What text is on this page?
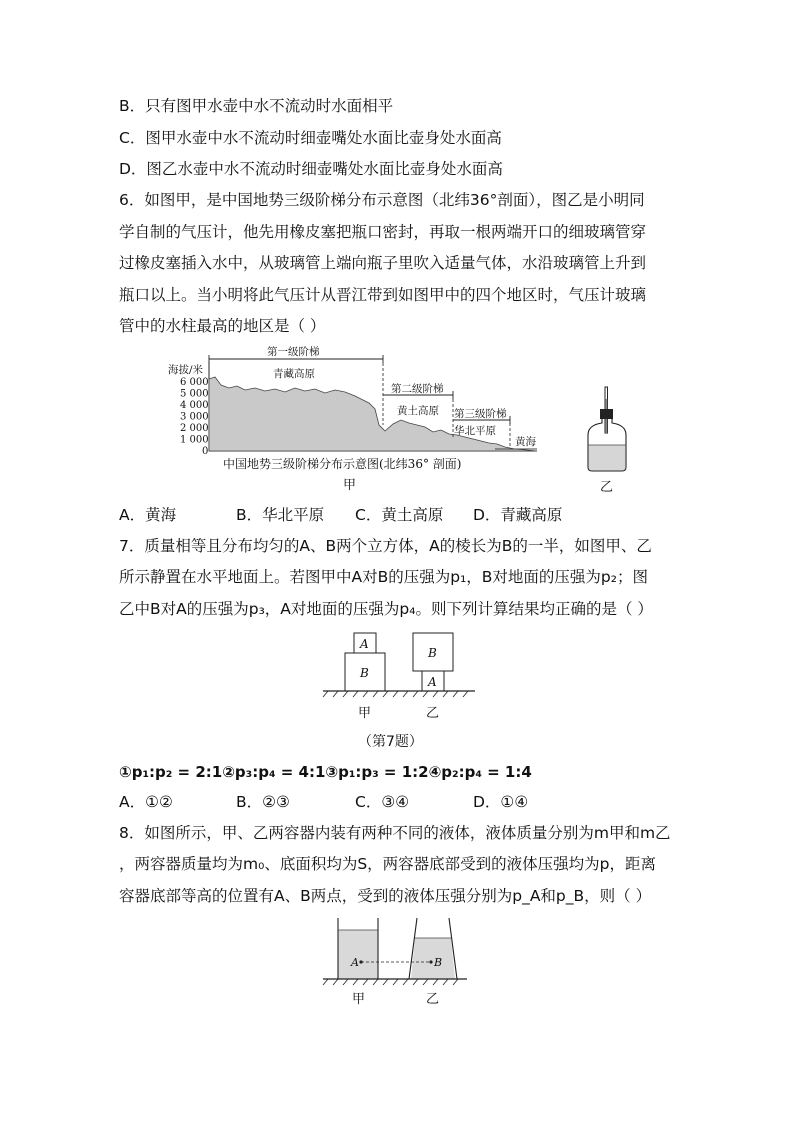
B．只有图甲水壶中水不流动时水面相平
C．图甲水壶中水不流动时细壶嘴处水面比壶身处水面高
D．图乙水壶中水不流动时细壶嘴处水面比壶身处水面高
6．如图甲，是中国地势三级阶梯分布示意图（北纬36°剖面），图乙是小明同
学自制的气压计，他先用橡皮塞把瓶口密封，再取一根两端开口的细玻璃管穿
过橡皮塞插入水中，从玻璃管上端向瓶子里吹入适量气体，水沿玻璃管上升到
瓶口以上。当小明将此气压计从晋江带到如图甲中的四个地区时，气压计玻璃
管中的水柱最高的地区是（ ）
海拔/米
6 000
5 000
4 000
3 000
2 000
1 000
0
第一级阶梯
第二级阶梯
第三级阶梯
青藏高原
黄土高原
华北平原
黄海
中国地势三级阶梯分布示意图(北纬36° 剖面)
甲	乙
A．黄海	B．华北平原 C．黄土高原 D．青藏高原
7．质量相等且分布均匀的A、B两个立方体，A的棱长为B的一半，如图甲、乙
所示静置在水平地面上。若图甲中A对B的压强为p₁，B对地面的压强为p₂；图
乙中B对A的压强为p₃，A对地面的压强为p₄。则下列计算结果均正确的是（ ）
A
B
B
A
甲	乙
（第7题）
①p₁:p₂ = 2:1②p₃:p₄ = 4:1③p₁:p₃ = 1:2④p₂:p₄ = 1:4
A．①②	B．②③	C．③④	D．①④
8．如图所示，甲、乙两容器内装有两种不同的液体，液体质量分别为m甲和m乙
，两容器质量均为m₀、底面积均为S，两容器底部受到的液体压强均为p，距离
容器底部等高的位置有A、B两点，受到的液体压强分别为p_A和p_B，则（ ）
A	B
甲	乙
